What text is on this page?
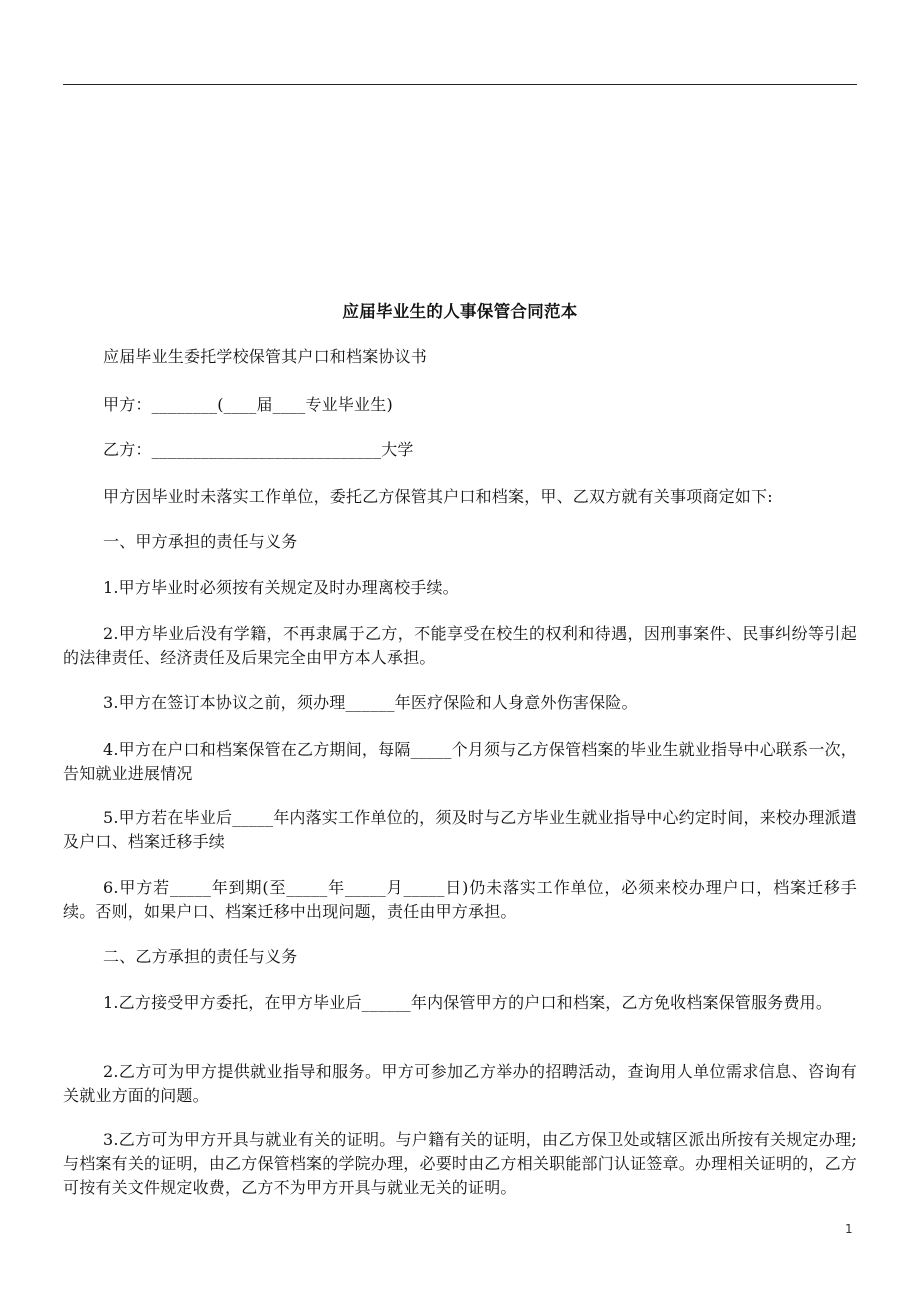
应届毕业生的人事保管合同范本
应届毕业生委托学校保管其户口和档案协议书
甲方：________(____届____专业毕业生)
乙方：____________________________大学
甲方因毕业时未落实工作单位，委托乙方保管其户口和档案，甲、乙双方就有关事项商定如下:
一、甲方承担的责任与义务
1.甲方毕业时必须按有关规定及时办理离校手续。
2.甲方毕业后没有学籍，不再隶属于乙方，不能享受在校生的权利和待遇，因刑事案件、民事纠纷等引起的法律责任、经济责任及后果完全由甲方本人承担。
3.甲方在签订本协议之前，须办理______年医疗保险和人身意外伤害保险。
4.甲方在户口和档案保管在乙方期间，每隔_____个月须与乙方保管档案的毕业生就业指导中心联系一次，告知就业进展情况
5.甲方若在毕业后_____年内落实工作单位的，须及时与乙方毕业生就业指导中心约定时间，来校办理派遣及户口、档案迁移手续
6.甲方若_____年到期(至_____年_____月_____日)仍未落实工作单位，必须来校办理户口，档案迁移手续。否则，如果户口、档案迁移中出现问题，责任由甲方承担。
二、乙方承担的责任与义务
1.乙方接受甲方委托，在甲方毕业后______年内保管甲方的户口和档案，乙方免收档案保管服务费用。
2.乙方可为甲方提供就业指导和服务。甲方可参加乙方举办的招聘活动，查询用人单位需求信息、咨询有关就业方面的问题。
3.乙方可为甲方开具与就业有关的证明。与户籍有关的证明，由乙方保卫处或辖区派出所按有关规定办理;与档案有关的证明，由乙方保管档案的学院办理，必要时由乙方相关职能部门认证签章。办理相关证明的，乙方可按有关文件规定收费，乙方不为甲方开具与就业无关的证明。
1
